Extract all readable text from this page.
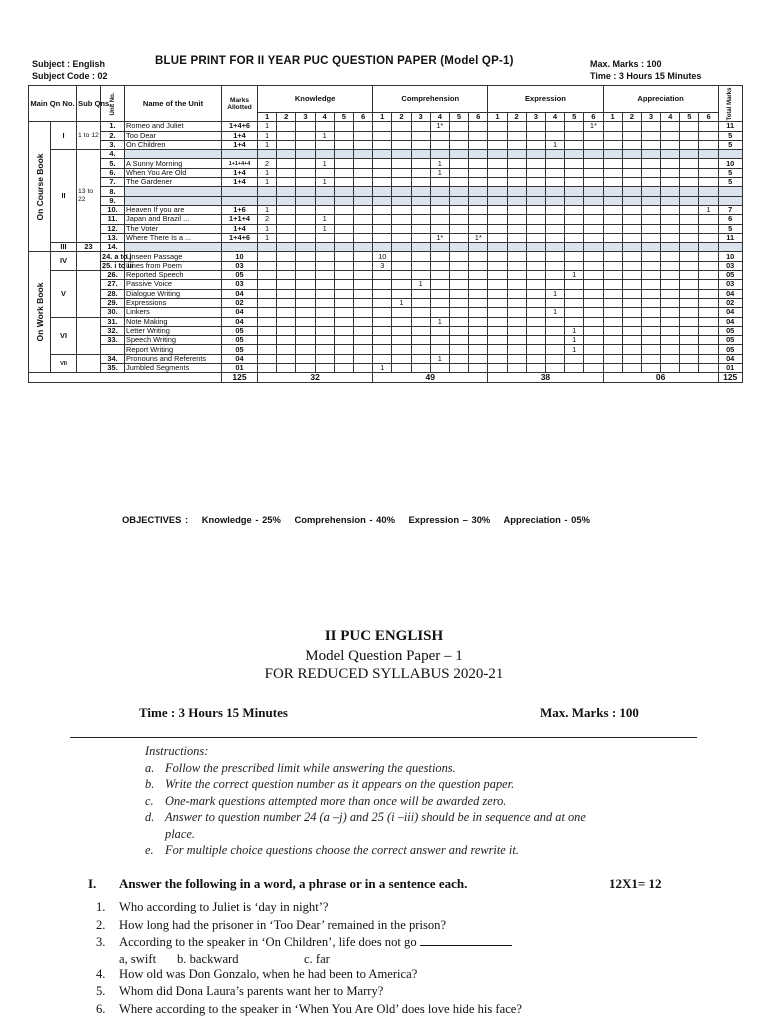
Subject : English
Subject Code : 02
BLUE PRINT FOR II YEAR PUC QUESTION PAPER (Model QP-1)	Max. Marks : 100
Time : 3 Hours 15 Minutes
Main Qn No.		Sub Qns.	Unit No.	Name of the Unit	Marks Allotted	Knowledge						Comprehension						Expression						Appreciation						Total Marks

						1	2	3	4	5	6	1	2	3	4	5	6	1	2	3	4	5	6	1	2	3	4	5	6	

On Course Book	I	1 to 12	1.	Romeo and Juliet	1+4+6	1									1*								1*							11
			2.	Too Dear	1+4	1			1																					5
			3.	On Children	1+4	1															1									5
	II	13 to 22	4.																											
			5.	A Sunny Morning	1+1+4+4	2			1						1															10
			6.	When You Are Old	1+4	1									1															5
			7.	The Gardener	1+4	1			1																					5
			8.																											
			9.																											
			10.	Heaven If you are	1+6	1																							1	7
			11.	Japan and Brazil ...	1+1+4	2			1																					6
			12.	The Voter	1+4	1			1																					5
			13.	Where There Is a ...	1+4+6	1									1*		1*													11
	III	23	14.																											

On Work Book	IV		24. a to j	Unseen Passage	10							10																		10
			25. i to iii	Lines from Poem	03							3																		03
	V		26.	Reported Speech	05																	1								05
			27.	Passive Voice	03									1																03
			28.	Dialogue Writing	04																1									04
			29.	Expressions	02								1																	02
			30.	Linkers	04																1									04
	VI		31.	Note Making	04										1															04
			32.	Letter Writing	05																	1								05
			33.	Speech Writing	05																	1								05
				Report Writing	05																	1								05
	VII		34.	Pronouns and Referents	04										1															04
			35.	Jumbled Segments	01							1																		01
					125	32						49						38						06						125
OBJECTIVES : Knowledge - 25% Comprehension - 40% Expression – 30% Appreciation - 05%
II PUC ENGLISH
Model Question Paper – 1
FOR REDUCED SYLLABUS 2020-21
Time : 3 Hours 15 Minutes	Max. Marks : 100
Instructions:
a. Follow the prescribed limit while answering the questions.
b. Write the correct question number as it appears on the question paper.
c. One-mark questions attempted more than once will be awarded zero.
d. Answer to question number 24 (a –j) and 25 (i –iii) should be in sequence and at one
place.
e. For multiple choice questions choose the correct answer and rewrite it.
I. Answer the following in a word, a phrase or in a sentence each.	12X1= 12
1. Who according to Juliet is ‘day in night’?
2. How long had the prisoner in ‘Too Dear’ remained in the prison?
3. According to the speaker in ‘On Children’, life does not go
a, swift b. backward	c. far
4. How old was Don Gonzalo, when he had been to America?
5. Whom did Dona Laura’s parents want her to Marry?
6. Where according to the speaker in ‘When You Are Old’ does love hide his face?
